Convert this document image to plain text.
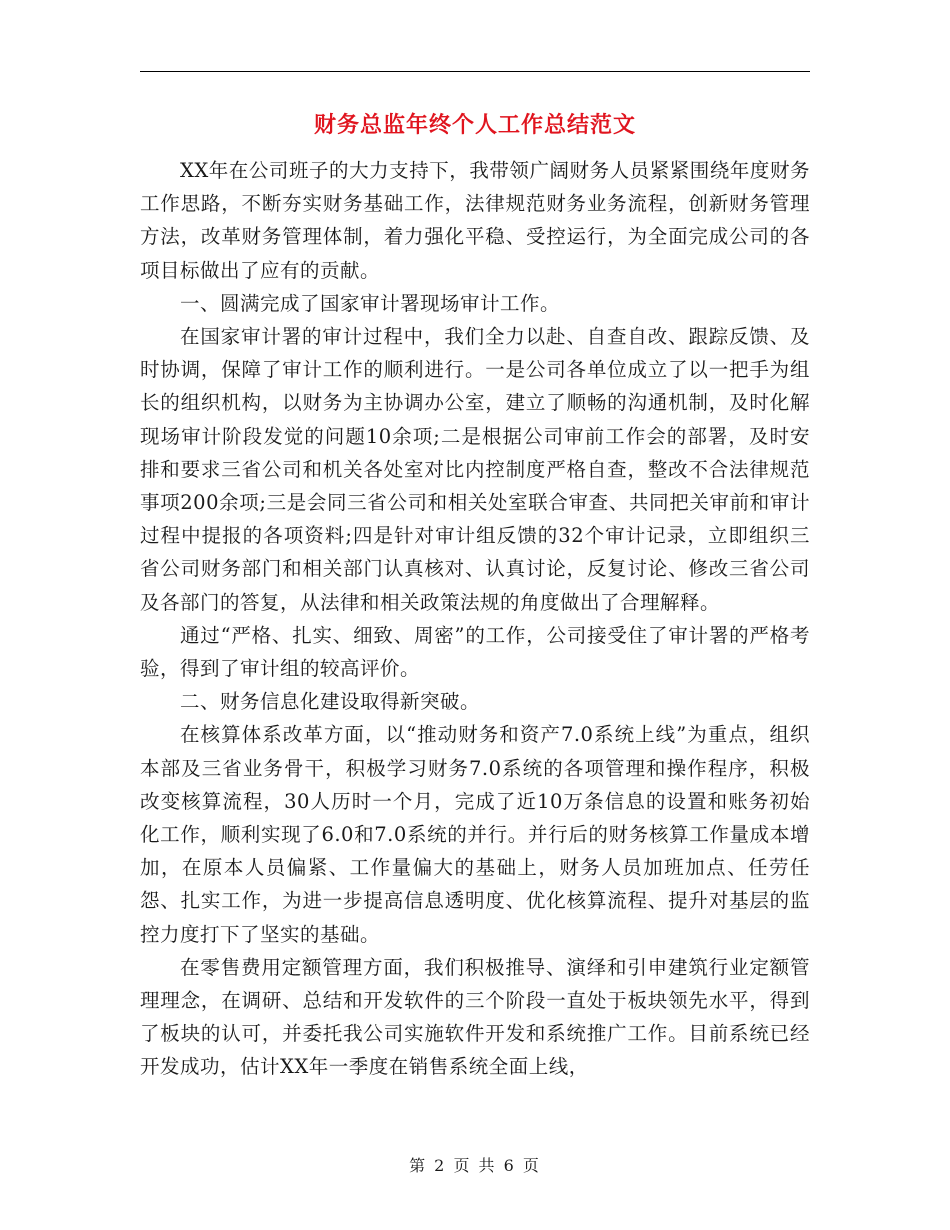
财务总监年终个人工作总结范文

XX年在公司班子的大力支持下，我带领广阔财务人员紧紧围绕年度财务工作思路，不断夯实财务基础工作，法律规范财务业务流程，创新财务管理方法，改革财务管理体制，着力强化平稳、受控运行，为全面完成公司的各项目标做出了应有的贡献。

一、圆满完成了国家审计署现场审计工作。

在国家审计署的审计过程中，我们全力以赴、自查自改、跟踪反馈、及时协调，保障了审计工作的顺利进行。一是公司各单位成立了以一把手为组长的组织机构，以财务为主协调办公室，建立了顺畅的沟通机制，及时化解现场审计阶段发觉的问题10余项;二是根据公司审前工作会的部署，及时安排和要求三省公司和机关各处室对比内控制度严格自查，整改不合法律规范事项200余项;三是会同三省公司和相关处室联合审查、共同把关审前和审计过程中提报的各项资料;四是针对审计组反馈的32个审计记录，立即组织三省公司财务部门和相关部门认真核对、认真讨论，反复讨论、修改三省公司及各部门的答复，从法律和相关政策法规的角度做出了合理解释。

通过“严格、扎实、细致、周密”的工作，公司接受住了审计署的严格考验，得到了审计组的较高评价。

二、财务信息化建设取得新突破。

在核算体系改革方面，以“推动财务和资产7.0系统上线”为重点，组织本部及三省业务骨干，积极学习财务7.0系统的各项管理和操作程序，积极改变核算流程，30人历时一个月，完成了近10万条信息的设置和账务初始化工作，顺利实现了6.0和7.0系统的并行。并行后的财务核算工作量成本增加，在原本人员偏紧、工作量偏大的基础上，财务人员加班加点、任劳任怨、扎实工作，为进一步提高信息透明度、优化核算流程、提升对基层的监控力度打下了坚实的基础。

在零售费用定额管理方面，我们积极推导、演绎和引申建筑行业定额管理理念，在调研、总结和开发软件的三个阶段一直处于板块领先水平，得到了板块的认可，并委托我公司实施软件开发和系统推广工作。目前系统已经开发成功，估计XX年一季度在销售系统全面上线，

第 2 页 共 6 页
